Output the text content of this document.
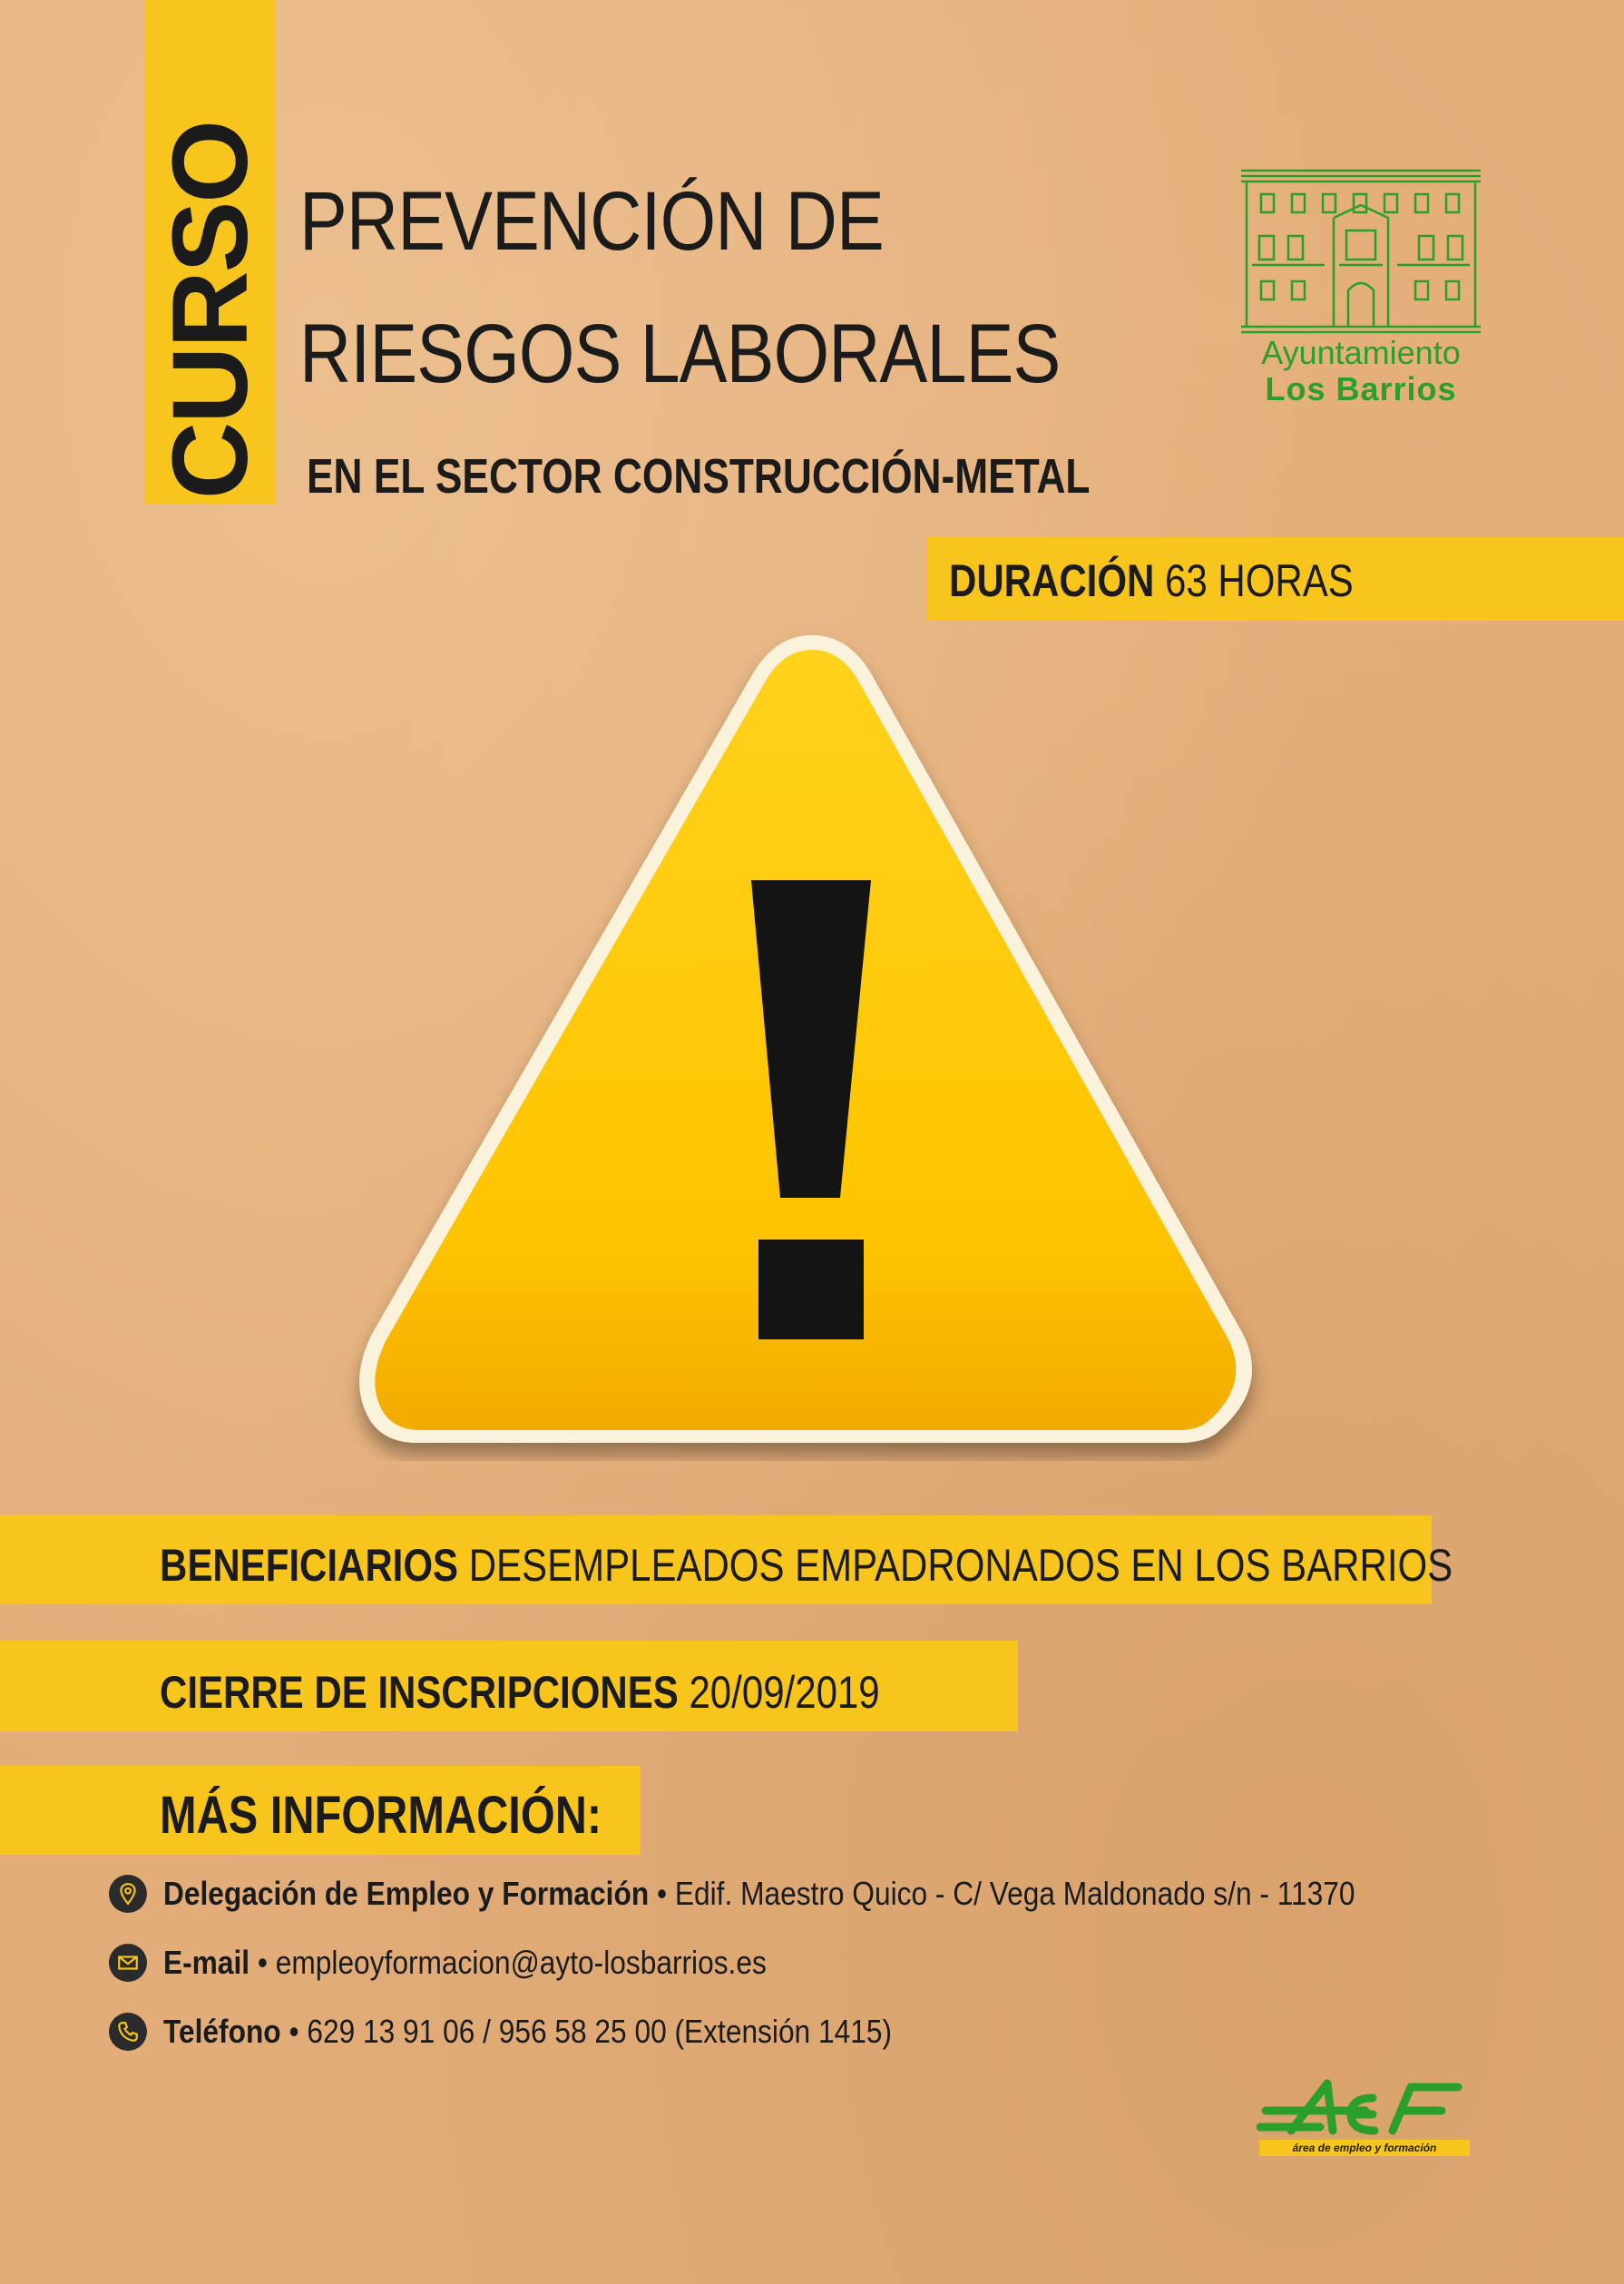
CURSO PREVENCIÓN DE
RIESGOS LABORALES
EN EL SECTOR CONSTRUCCIÓN-METAL
Ayuntamiento
Los Barrios
DURACIÓN 63 HORAS
BENEFICIARIOS DESEMPLEADOS EMPADRONADOS EN LOS BARRIOS
CIERRE DE INSCRIPCIONES 20/09/2019
MÁS INFORMACIÓN:
Delegación de Empleo y Formación • Edif. Maestro Quico - C/ Vega Maldonado s/n - 11370
E-mail • empleoyformacion@ayto-losbarrios.es
Teléfono • 629 13 91 06 / 956 58 25 00 (Extensión 1415)
área de empleo y formación
